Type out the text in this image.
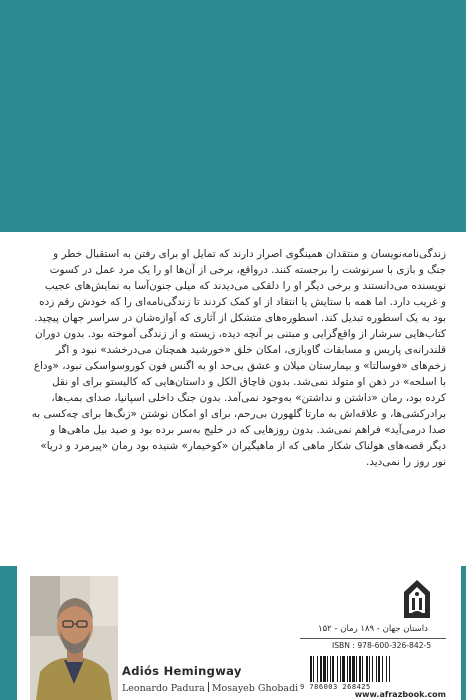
زندگی‌نامه‌نویسان و منتقدان همینگوی اصرار دارند که تمایل او برای رفتن به استقبال خطر و

جنگ و بازی با سرنوشت را برجسته کنند. درواقع، برخی از آن‌ها او را یک مرد عمل در کسوت

نویسنده می‌دانستند و برخی دیگر او را دلقکی می‌دیدند که میلی جنون‌آسا به نمایش‌های عجیب

و غریب دارد. اما همه با ستایش یا انتقاد از او کمک کردند تا زندگی‌نامه‌ای را که خودش رقم زده

بود به یک اسطوره تبدیل کند. اسطوره‌های متشکل از آثاری که آوازه‌شان در سراسر جهان پیچید.

کتاب‌هایی سرشار از واقع‌گرایی و مبتنی بر آنچه دیده، زیسته و از زندگی آموخته بود. بدون دوران

قلندرانه‌ی پاریس و مسابقات گاوبازی، امکان خلق «خورشید همچنان می‌درخشد» نبود و اگر

زخم‌های «فوسالتا» و بیمارستان میلان و عشق بی‌حد او به اگنس فون کوروسواسکی نبود، «وداع

با اسلحه» در ذهن او متولد نمی‌شد. بدون قاچاق الکل و داستان‌هایی که کالیستو برای او نقل

کرده بود، رمان «داشتن و نداشتن» به‌وجود نمی‌آمد. بدون جنگ داخلی اسپانیا، صدای بمب‌ها،

برادرکشی‌ها، و علاقه‌اش به مارتا گلهورن بی‌رحم، برای او امکان نوشتن «زنگ‌ها برای چه‌کسی به

صدا درمی‌آید» فراهم نمی‌شد. بدون روزهایی که در خلیج به‌سر برده بود و صید بیل ماهی‌ها و

دیگر قصه‌های هولناک شکار ماهی که از ماهیگیران «کوخیمار» شنیده بود رمان «پیرمرد و دریا»

نور روز را نمی‌دید.

Adiós Hemingway
Leonardo Padura Mosayeb Ghobadi
داستان جهان - ۱۸۹ رمان - ۱۵۲
ISBN : 978-600-326-842-5
9 786003 268425
www.afrazbook.com
